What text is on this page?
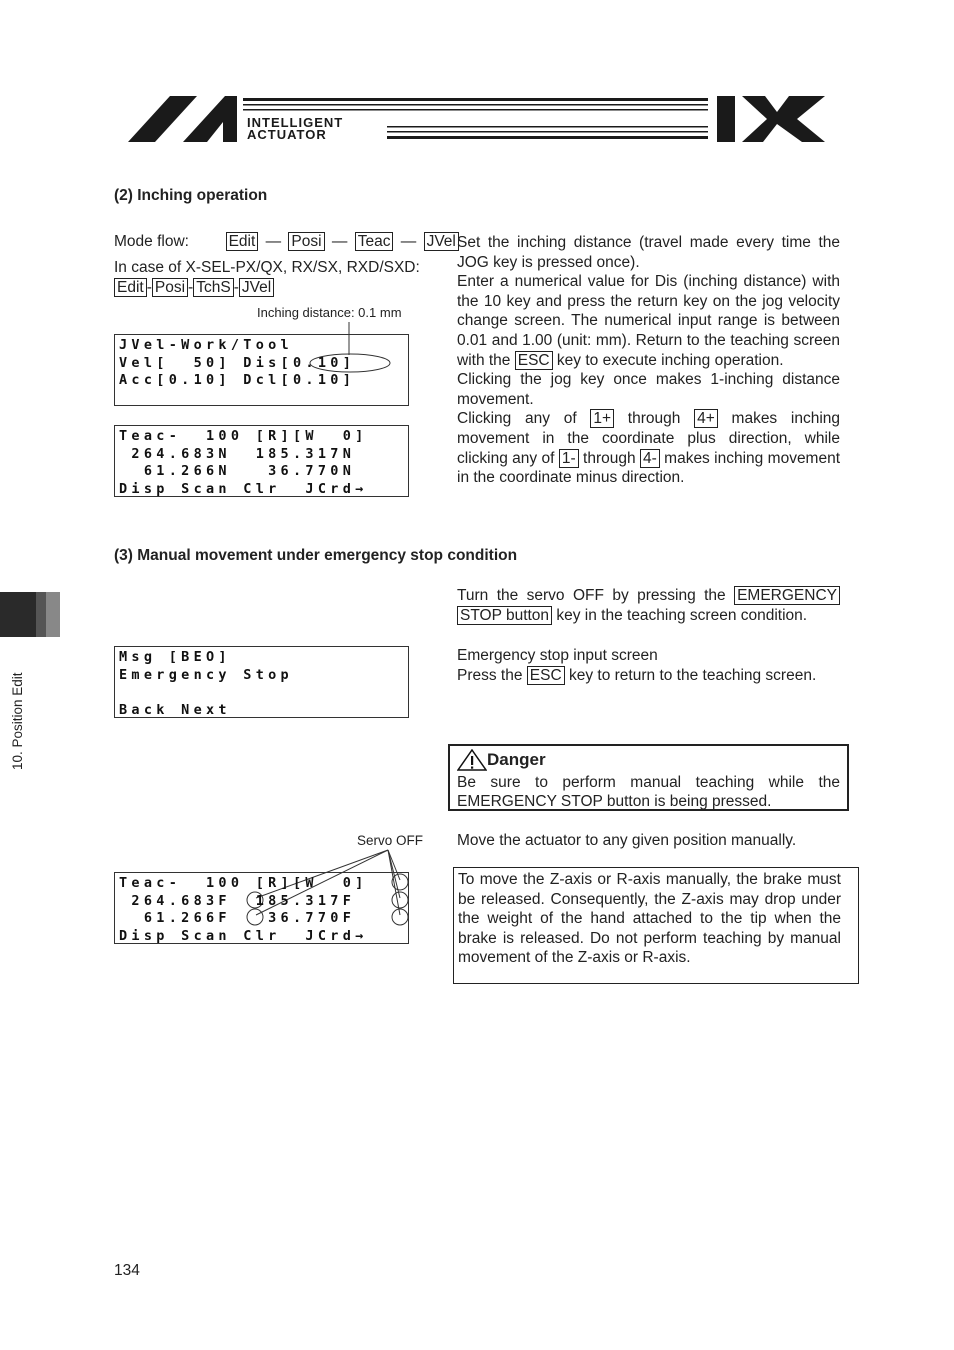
INTELLIGENT
ACTUATOR
10. Position Edit
(2) Inching operation
Mode flow:	Edit — Posi — Teac — JVel
In case of X-SEL-PX/QX, RX/SX, RXD/SXD:
Edit - Posi - TchS - JVel
Inching distance: 0.1 mm
JVel-Work/Tool
Vel[  50] Dis[0.10]
Acc[0.10] Dcl[0.10]
Teac-  100 [R][W  0]
264.683N  185.317N
61.266N   36.770N
Disp Scan Clr  JCrd→
Set the inching distance (travel made every time the JOG key is pressed once).
Enter a numerical value for Dis (inching distance) with the 10 key and press the return key on the jog velocity change screen. The numerical input range is between 0.01 and 1.00 (unit: mm). Return to the teaching screen with the ESC key to execute inching operation.
Clicking the jog key once makes 1-inching distance movement.
Clicking any of 1+ through 4+ makes inching movement in the coordinate plus direction, while clicking any of 1- through 4- makes inching movement in the coordinate minus direction.
(3) Manual movement under emergency stop condition
Turn the servo OFF by pressing the EMERGENCY STOP button key in the teaching screen condition.
Msg [BEO]
Emergency Stop

Back Next
Emergency stop input screen
Press the ESC key to return to the teaching screen.
Danger
Be sure to perform manual teaching while the EMERGENCY STOP button is being pressed.
Servo OFF
Teac-  100 [R][W  0]
264.683F  185.317F
61.266F   36.770F
Disp Scan Clr  JCrd→
Move the actuator to any given position manually.
To move the Z-axis or R-axis manually, the brake must be released. Consequently, the Z-axis may drop under the weight of the hand attached to the tip when the brake is released. Do not perform teaching by manual movement of the Z-axis or R-axis.
134
